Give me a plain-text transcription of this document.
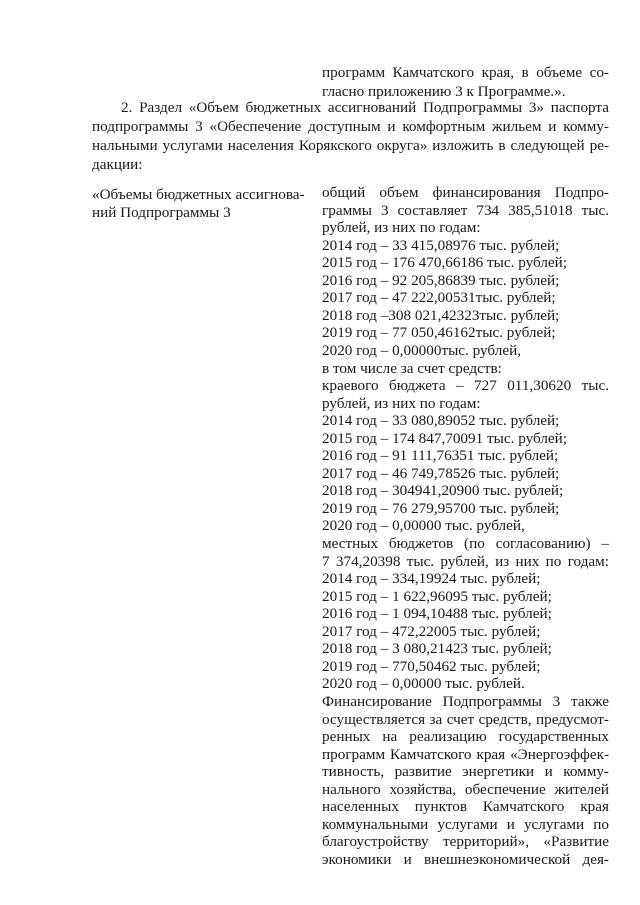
программ Камчатского края, в объеме со-
гласно приложению 3 к Программе.».
2. Раздел «Объем бюджетных ассигнований Подпрограммы 3» паспорта
подпрограммы 3 «Обеспечение доступным и комфортным жильем и комму-
нальными услугами населения Корякского округа» изложить в следующей ре-
дакции:
«Объемы бюджетных ассигнова-
ний Подпрограммы 3
общий объем финансирования Подпро-
граммы 3 составляет 734 385,51018 тыс.
рублей, из них по годам:
2014 год – 33 415,08976 тыс. рублей;
2015 год – 176 470,66186 тыс. рублей;
2016 год – 92 205,86839 тыс. рублей;
2017 год – 47 222,00531тыс. рублей;
2018 год –308 021,42323тыс. рублей;
2019 год – 77 050,46162тыс. рублей;
2020 год – 0,00000тыс. рублей,
в том числе за счет средств:
краевого бюджета – 727 011,30620 тыс.
рублей, из них по годам:
2014 год – 33 080,89052 тыс. рублей;
2015 год – 174 847,70091 тыс. рублей;
2016 год – 91 111,76351 тыс. рублей;
2017 год – 46 749,78526 тыс. рублей;
2018 год – 304941,20900 тыс. рублей;
2019 год – 76 279,95700 тыс. рублей;
2020 год – 0,00000 тыс. рублей,
местных бюджетов (по согласованию) –
7 374,20398 тыс. рублей, из них по годам:
2014 год – 334,19924 тыс. рублей;
2015 год – 1 622,96095 тыс. рублей;
2016 год – 1 094,10488 тыс. рублей;
2017 год – 472,22005 тыс. рублей;
2018 год – 3 080,21423 тыс. рублей;
2019 год – 770,50462 тыс. рублей;
2020 год – 0,00000 тыс. рублей.
Финансирование Подпрограммы 3 также
осуществляется за счет средств, предусмот-
ренных на реализацию государственных
программ Камчатского края «Энергоэффек-
тивность, развитие энергетики и комму-
нального хозяйства, обеспечение жителей
населенных пунктов Камчатского края
коммунальными услугами и услугами по
благоустройству территорий», «Развитие
экономики и внешнеэкономической дея-
